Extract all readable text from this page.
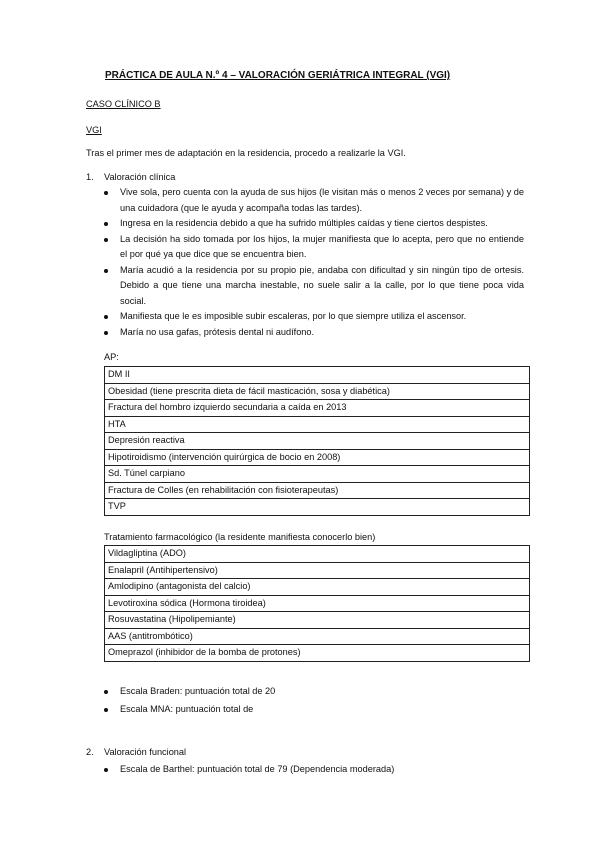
PRÁCTICA DE AULA N.º 4 – VALORACIÓN GERIÁTRICA INTEGRAL (VGI)
CASO CLÍNICO B
VGI
Tras el primer mes de adaptación en la residencia, procedo a realizarle la VGI.
1. Valoración clínica
Vive sola, pero cuenta con la ayuda de sus hijos (le visitan más o menos 2 veces por semana) y de una cuidadora (que le ayuda y acompaña todas las tardes).
Ingresa en la residencia debido a que ha sufrido múltiples caídas y tiene ciertos despistes.
La decisión ha sido tomada por los hijos, la mujer manifiesta que lo acepta, pero que no entiende el por qué ya que dice que se encuentra bien.
María acudió a la residencia por su propio pie, andaba con dificultad y sin ningún tipo de ortesis. Debido a que tiene una marcha inestable, no suele salir a la calle, por lo que tiene poca vida social.
Manifiesta que le es imposible subir escaleras, por lo que siempre utiliza el ascensor.
María no usa gafas, prótesis dental ni audífono.
AP:
DM II
Obesidad (tiene prescrita dieta de fácil masticación, sosa y diabética)
Fractura del hombro izquierdo secundaria a caída en 2013
HTA
Depresión reactiva
Hipotiroidismo (intervención quirúrgica de bocio en 2008)
Sd. Túnel carpiano
Fractura de Colles (en rehabilitación con fisioterapeutas)
TVP
Tratamiento farmacológico (la residente manifiesta conocerlo bien)
Vildagliptina (ADO)
Enalapril (Antihipertensivo)
Amlodipino (antagonista del calcio)
Levotiroxina sódica (Hormona tiroidea)
Rosuvastatina (Hipolipemiante)
AAS (antitrombótico)
Omeprazol (inhibidor de la bomba de protones)
Escala Braden: puntuación total de 20
Escala MNA: puntuación total de
2. Valoración funcional
Escala de Barthel: puntuación total de 79 (Dependencia moderada)
